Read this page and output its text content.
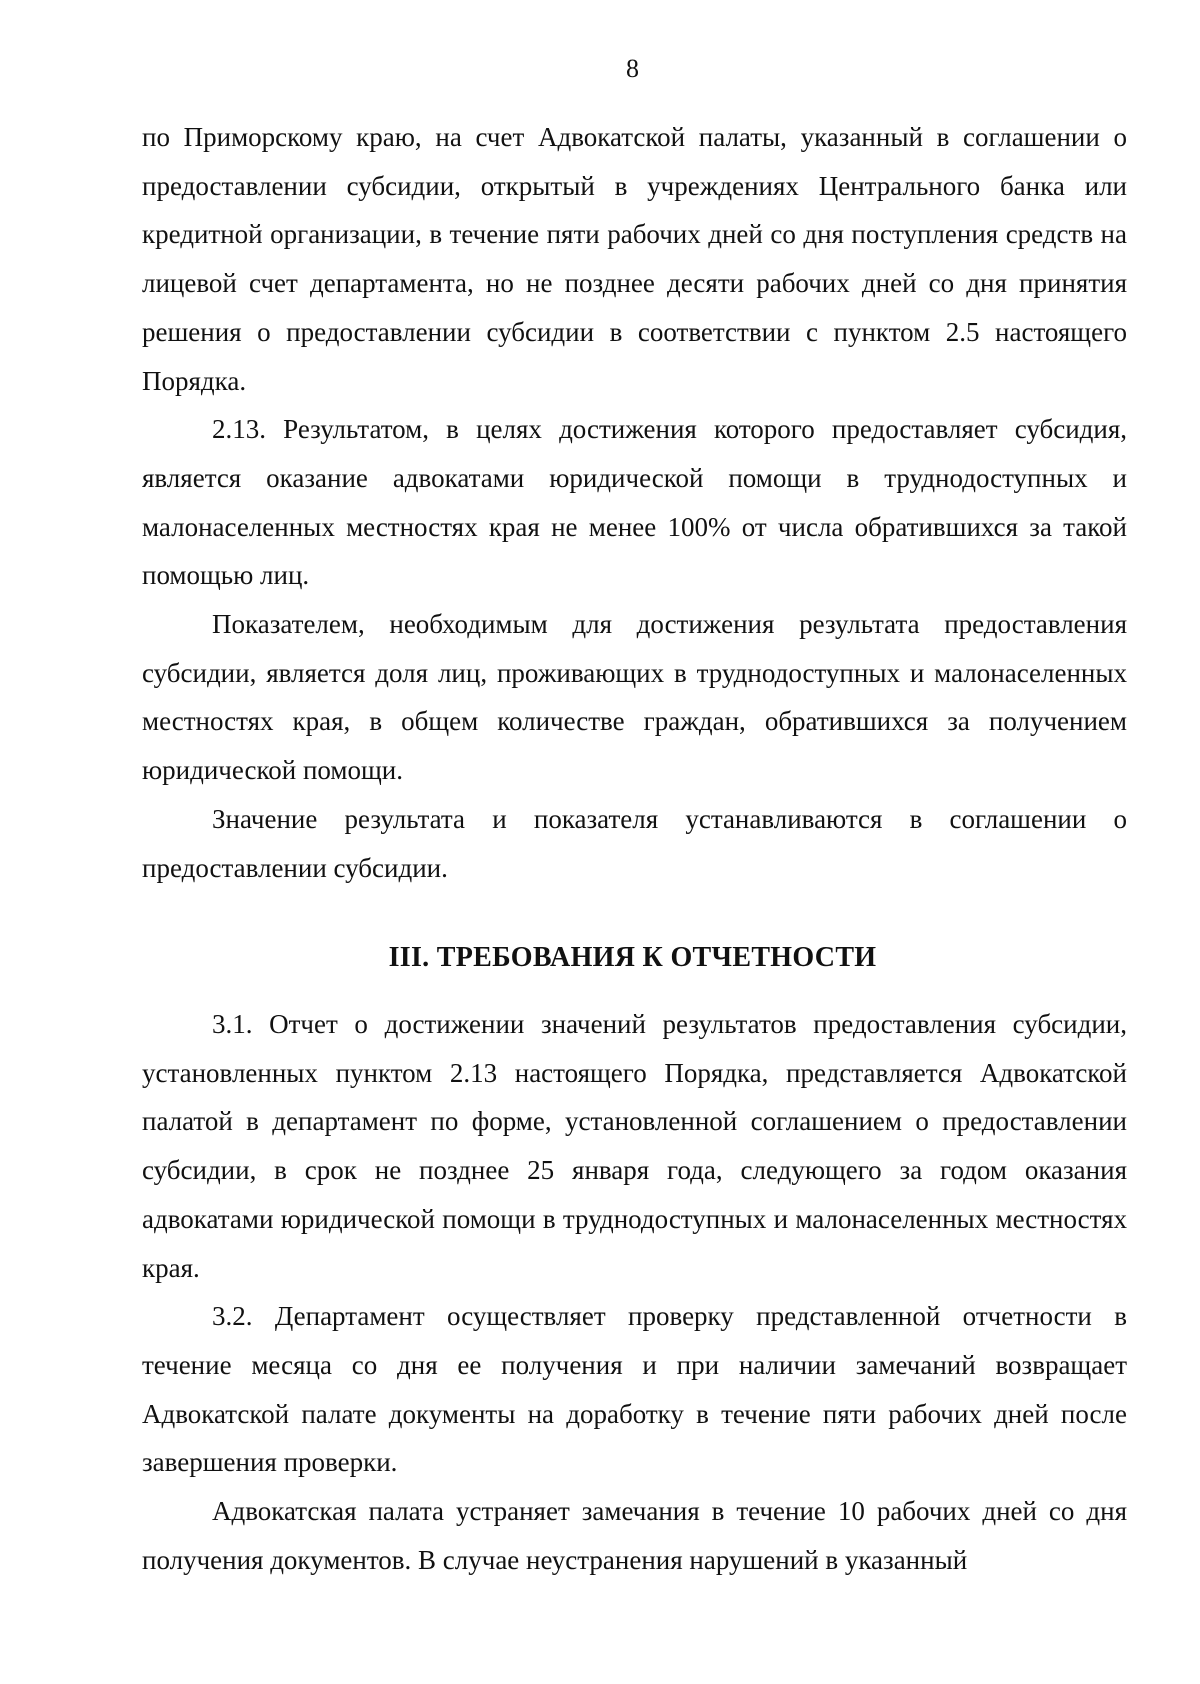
8

по Приморскому краю, на счет Адвокатской палаты, указанный в соглашении о предоставлении субсидии, открытый в учреждениях Центрального банка или кредитной организации, в течение пяти рабочих дней со дня поступления средств на лицевой счет департамента, но не позднее десяти рабочих дней со дня принятия решения о предоставлении субсидии в соответствии с пунктом 2.5 настоящего Порядка.

2.13. Результатом, в целях достижения которого предоставляет субсидия, является оказание адвокатами юридической помощи в труднодоступных и малонаселенных местностях края не менее 100% от числа обратившихся за такой помощью лиц.

Показателем, необходимым для достижения результата предоставления субсидии, является доля лиц, проживающих в труднодоступных и малонаселенных местностях края, в общем количестве граждан, обратившихся за получением юридической помощи.

Значение результата и показателя устанавливаются в соглашении о предоставлении субсидии.

III. ТРЕБОВАНИЯ К ОТЧЕТНОСТИ

3.1. Отчет о достижении значений результатов предоставления субсидии, установленных пунктом 2.13 настоящего Порядка, представляется Адвокатской палатой в департамент по форме, установленной соглашением о предоставлении субсидии, в срок не позднее 25 января года, следующего за годом оказания адвокатами юридической помощи в труднодоступных и малонаселенных местностях края.

3.2. Департамент осуществляет проверку представленной отчетности в течение месяца со дня ее получения и при наличии замечаний возвращает Адвокатской палате документы на доработку в течение пяти рабочих дней после завершения проверки.

Адвокатская палата устраняет замечания в течение 10 рабочих дней со дня получения документов. В случае неустранения нарушений в указанный
